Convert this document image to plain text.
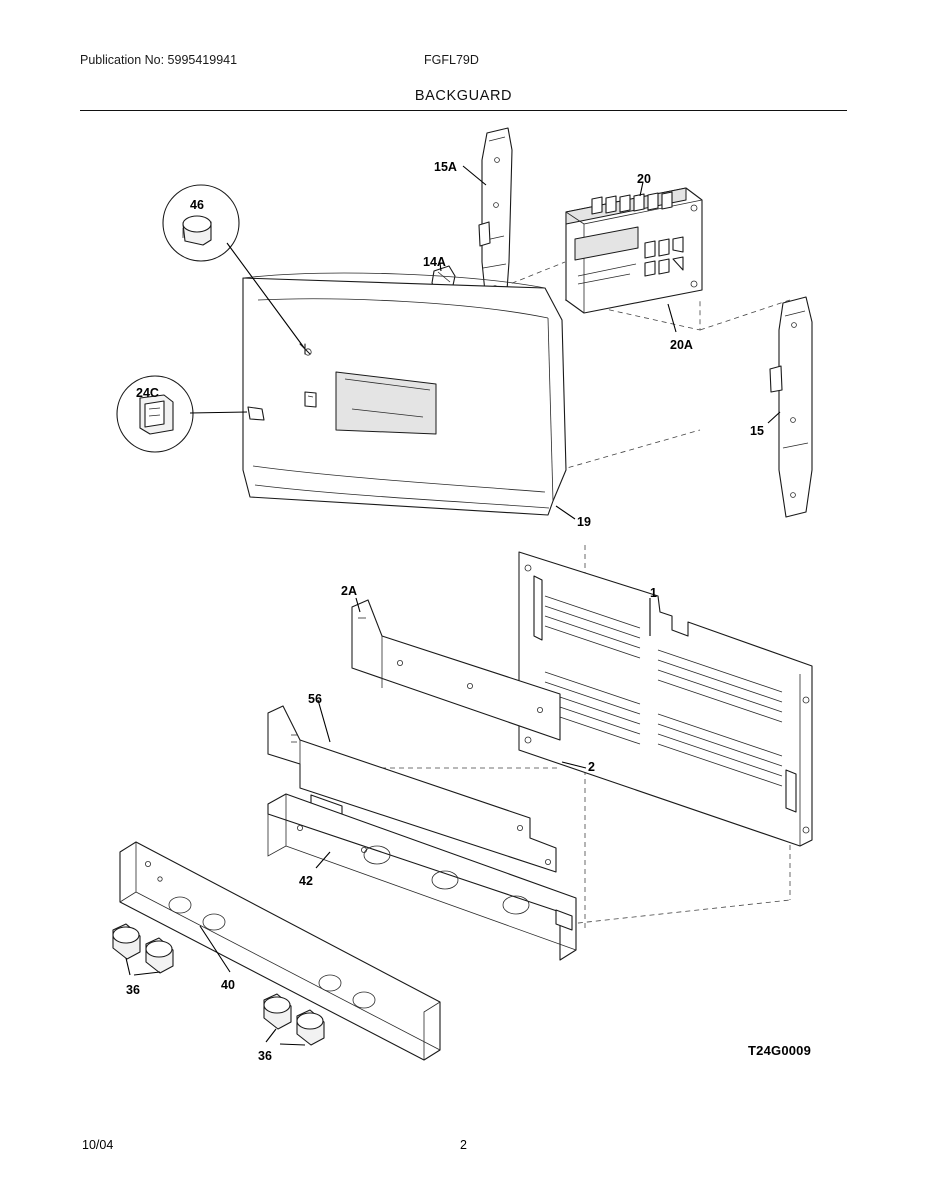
Publication No: 5995419941	FGFL79D
BACKGUARD
46
15A
20
14A
20A
24C
15
19
2A	1
56
2
42
36	40
36	T24G0009
10/04	2
